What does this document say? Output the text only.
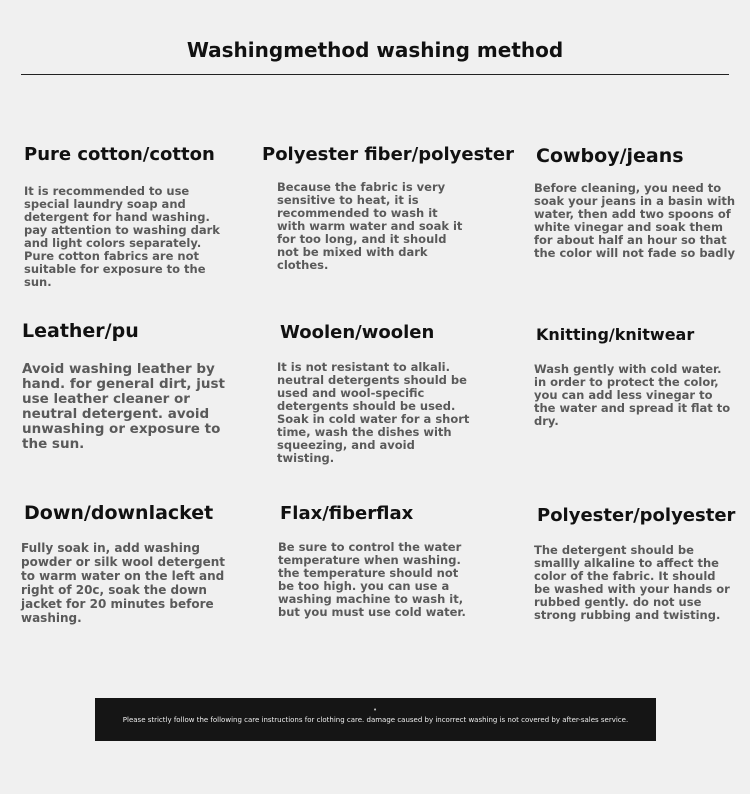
Washingmethod washing method
Pure cotton/cotton

It is recommended to use special laundry soap and detergent for hand washing. pay attention to washing dark and light colors separately. Pure cotton fabrics are not suitable for exposure to the sun.

Polyester fiber/polyester

Because the fabric is very sensitive to heat, it is recommended to wash it with warm water and soak it for too long, and it should not be mixed with dark clothes.

Cowboy/jeans

Before cleaning, you need to soak your jeans in a basin with water, then add two spoons of white vinegar and soak them for about half an hour so that the color will not fade so badly

Leather/pu

Avoid washing leather by hand. for general dirt, just use leather cleaner or neutral detergent. avoid unwashing or exposure to the sun.

Woolen/woolen

It is not resistant to alkali. neutral detergents should be used and wool-specific detergents should be used. Soak in cold water for a short time, wash the dishes with squeezing, and avoid twisting.

Knitting/knitwear

Wash gently with cold water. in order to protect the color, you can add less vinegar to the water and spread it flat to dry.

Down/downlacket

Fully soak in, add washing powder or silk wool detergent to warm water on the left and right of 20c, soak the down jacket for 20 minutes before washing.

Flax/fiberflax

Be sure to control the water temperature when washing. the temperature should not be too high. you can use a washing machine to wash it, but you must use cold water.

Polyester/polyester

The detergent should be smallly alkaline to affect the color of the fabric. It should be washed with your hands or rubbed gently. do not use strong rubbing and twisting.

•
Please strictly follow the following care instructions for clothing care. damage caused by incorrect washing is not covered by after-sales service.
